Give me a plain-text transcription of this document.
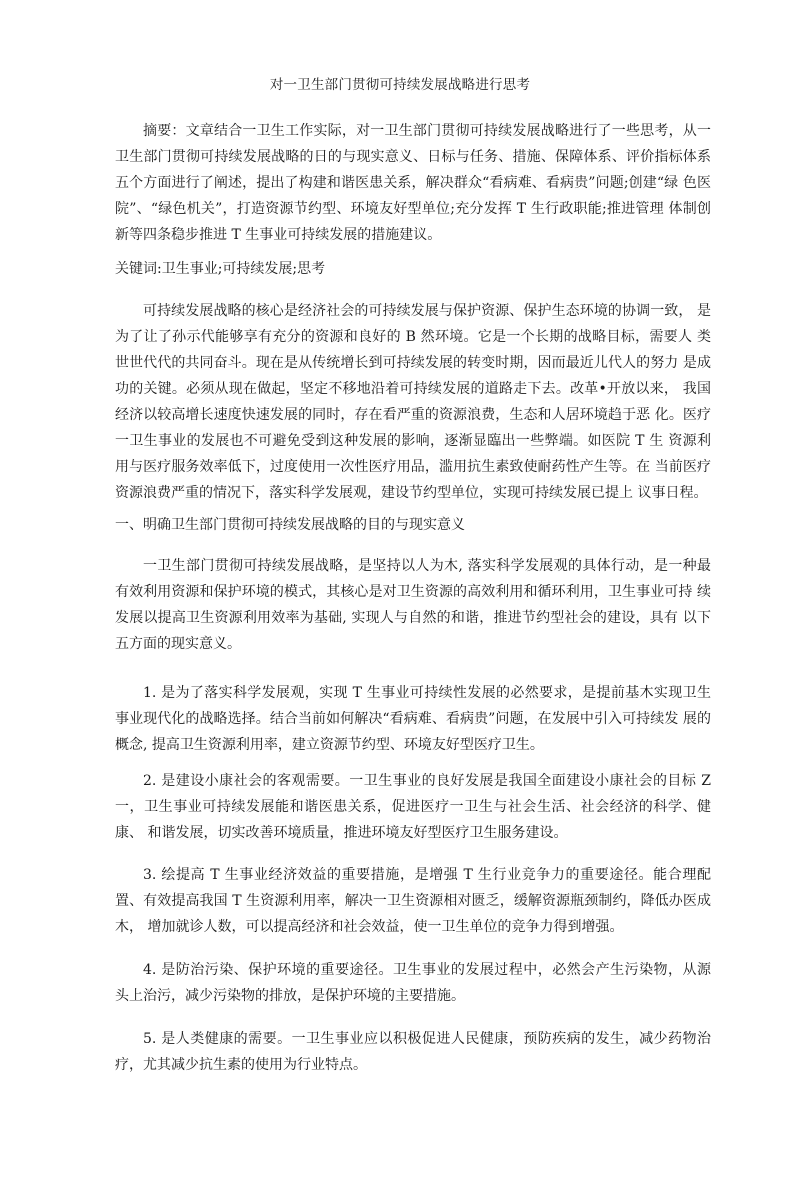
对一卫生部门贯彻可持续发展战略进行思考
摘要：文章结合一卫生工作实际，对一卫生部门贯彻可持续发展战略进行了一些思考，从一卫生部门贯彻可持续发展战略的日的与现实意义、日标与任务、措施、保障体系、评价指标体系 五个方面进行了阐述，提出了构建和谐医患关系，解决群众“看病难、看病贵”问题;创建“绿 色医院”、“绿色机关”，打造资源节约型、环境友好型单位;充分发挥 T 生行政职能;推进管理 体制创新等四条稳步推进 T 生事业可持续发展的措施建议。
关键词:卫生事业;可持续发展;思考
可持续发展战略的核心是经济社会的可持续发展与保护资源、保护生态环境的协调一致， 是为了让了孙示代能够享有充分的资源和良好的 B 然环境。它是一个长期的战略目标，需要人 类世世代代的共同奋斗。现在是从传统增长到可持续发展的转变时期，因而最近儿代人的努力 是成功的关键。必须从现在做起，坚定不移地沿着可持续发展的道路走下去。改革•开放以来， 我国经济以较高增长速度快速发展的同时，存在看严重的资源浪费，生态和人居环境趋于恶 化。医疗一卫生事业的发展也不可避免受到这种发展的影响，逐渐显臨出一些弊端。如医院 T 生 资源利用与医疗服务效率低下，过度使用一次性医疗用品，滥用抗生素致使耐药性产生等。在 当前医疗资源浪费严重的情况下，落实科学发展观，建设节约型单位，实现可持续发展已提上 议事日程。
一、明确卫生部门贯彻可持续发展战略的目的与现实意义
一卫生部门贯彻可持续发展战略，是坚持以人为木, 落实科学发展观的具体行动，是一种最 有效利用资源和保护环境的模式，其核心是对卫生资源的高效利用和循环利用，卫生事业可持 续发展以提高卫生资源利用效率为基础, 实现人与自然的和谐，推进节约型社会的建设，具有 以下五方面的现实意义。
1. 是为了落实科学发展观，实现 T 生事业可持续性发展的必然要求，是提前基木实现卫生 事业现代化的战略选择。结合当前如何解决“看病难、看病贵”问题，在发展中引入可持续发 展的概念, 提高卫生资源利用率，建立资源节约型、环境友好型医疗卫生。
2. 是建设小康社会的客观需要。一卫生事业的良好发展是我国全面建设小康社会的目标 Z 一，卫生事业可持续发展能和谐医患关系，促进医疗一卫生与社会生活、社会经济的科学、健康、 和谐发展，切实改善环境质量，推进环境友好型医疗卫生服务建设。
3. 绘提高 T 生事业经济效益的重要措施，是增强 T 生行业竞争力的重要途径。能合理配 置、有效提高我国 T 生资源利用率，解决一卫生资源相对匮乏，缓解资源瓶颈制约，降低办医成木， 增加就诊人数，可以提高经济和社会效益，使一卫生单位的竞争力得到增强。
4. 是防治污染、保护环境的重要途径。卫生事业的发展过程中，必然会产生污染物，从源 头上治污，减少污染物的排放，是保护环境的主要措施。
5. 是人类健康的需要。一卫生事业应以积极促进人民健康，预防疾病的发生，减少药物治疗，尤其减少抗生素的使用为行业特点。
